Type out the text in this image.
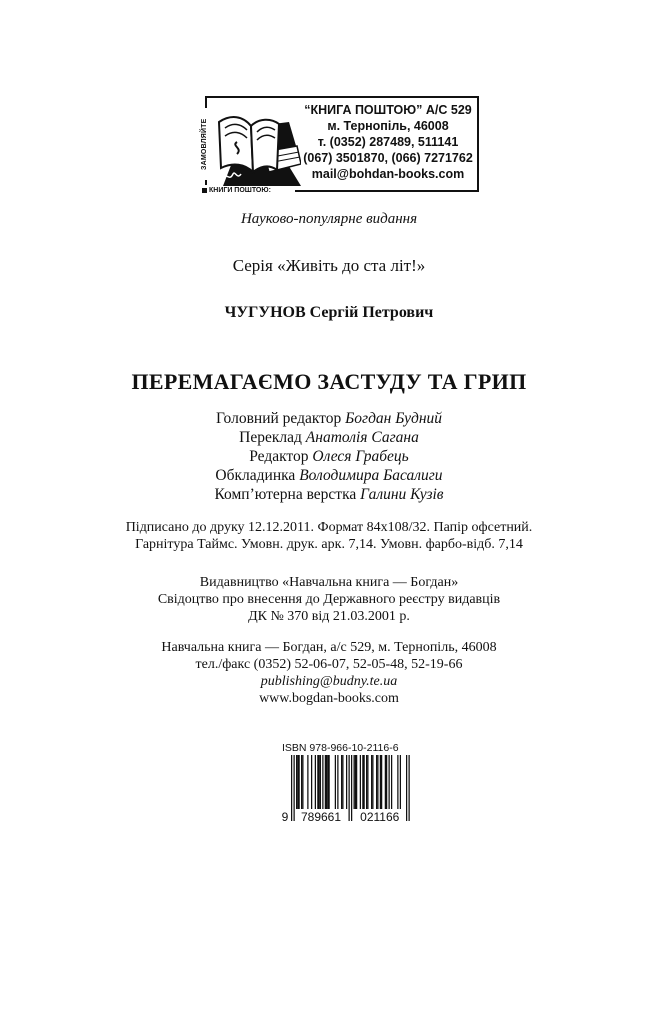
ЗАМОВЛЯЙТЕ
КНИГИ ПОШТОЮ:
“КНИГА ПОШТОЮ” А/С 529
м. Тернопіль, 46008
т. (0352) 287489, 511141
(067) 3501870, (066) 7271762
mail@bohdan-books.com
Науково-популярне видання
Серія «Живіть до ста літ!»
ЧУГУНОВ Сергій Петрович
ПЕРЕМАГАЄМО ЗАСТУДУ ТА ГРИП
Головний редактор Богдан Будний
Переклад Анатолія Сагана
Редактор Олеся Грабець
Обкладинка Володимира Басалиги
Комп’ютерна верстка Галини Кузів
Підписано до друку 12.12.2011. Формат 84x108/32. Папір офсетний.
Гарнітура Таймс. Умовн. друк. арк. 7,14. Умовн. фарбо-відб. 7,14
Видавництво «Навчальна книга — Богдан»
Свідоцтво про внесення до Державного реєстру видавців
ДК № 370 від 21.03.2001 р.
Навчальна книга — Богдан, а/с 529, м. Тернопіль, 46008
тел./факс (0352) 52-06-07, 52-05-48, 52-19-66
publishing@budny.te.ua
www.bogdan-books.com
ISBN 978-966-10-2116-6
9 789661 021166
